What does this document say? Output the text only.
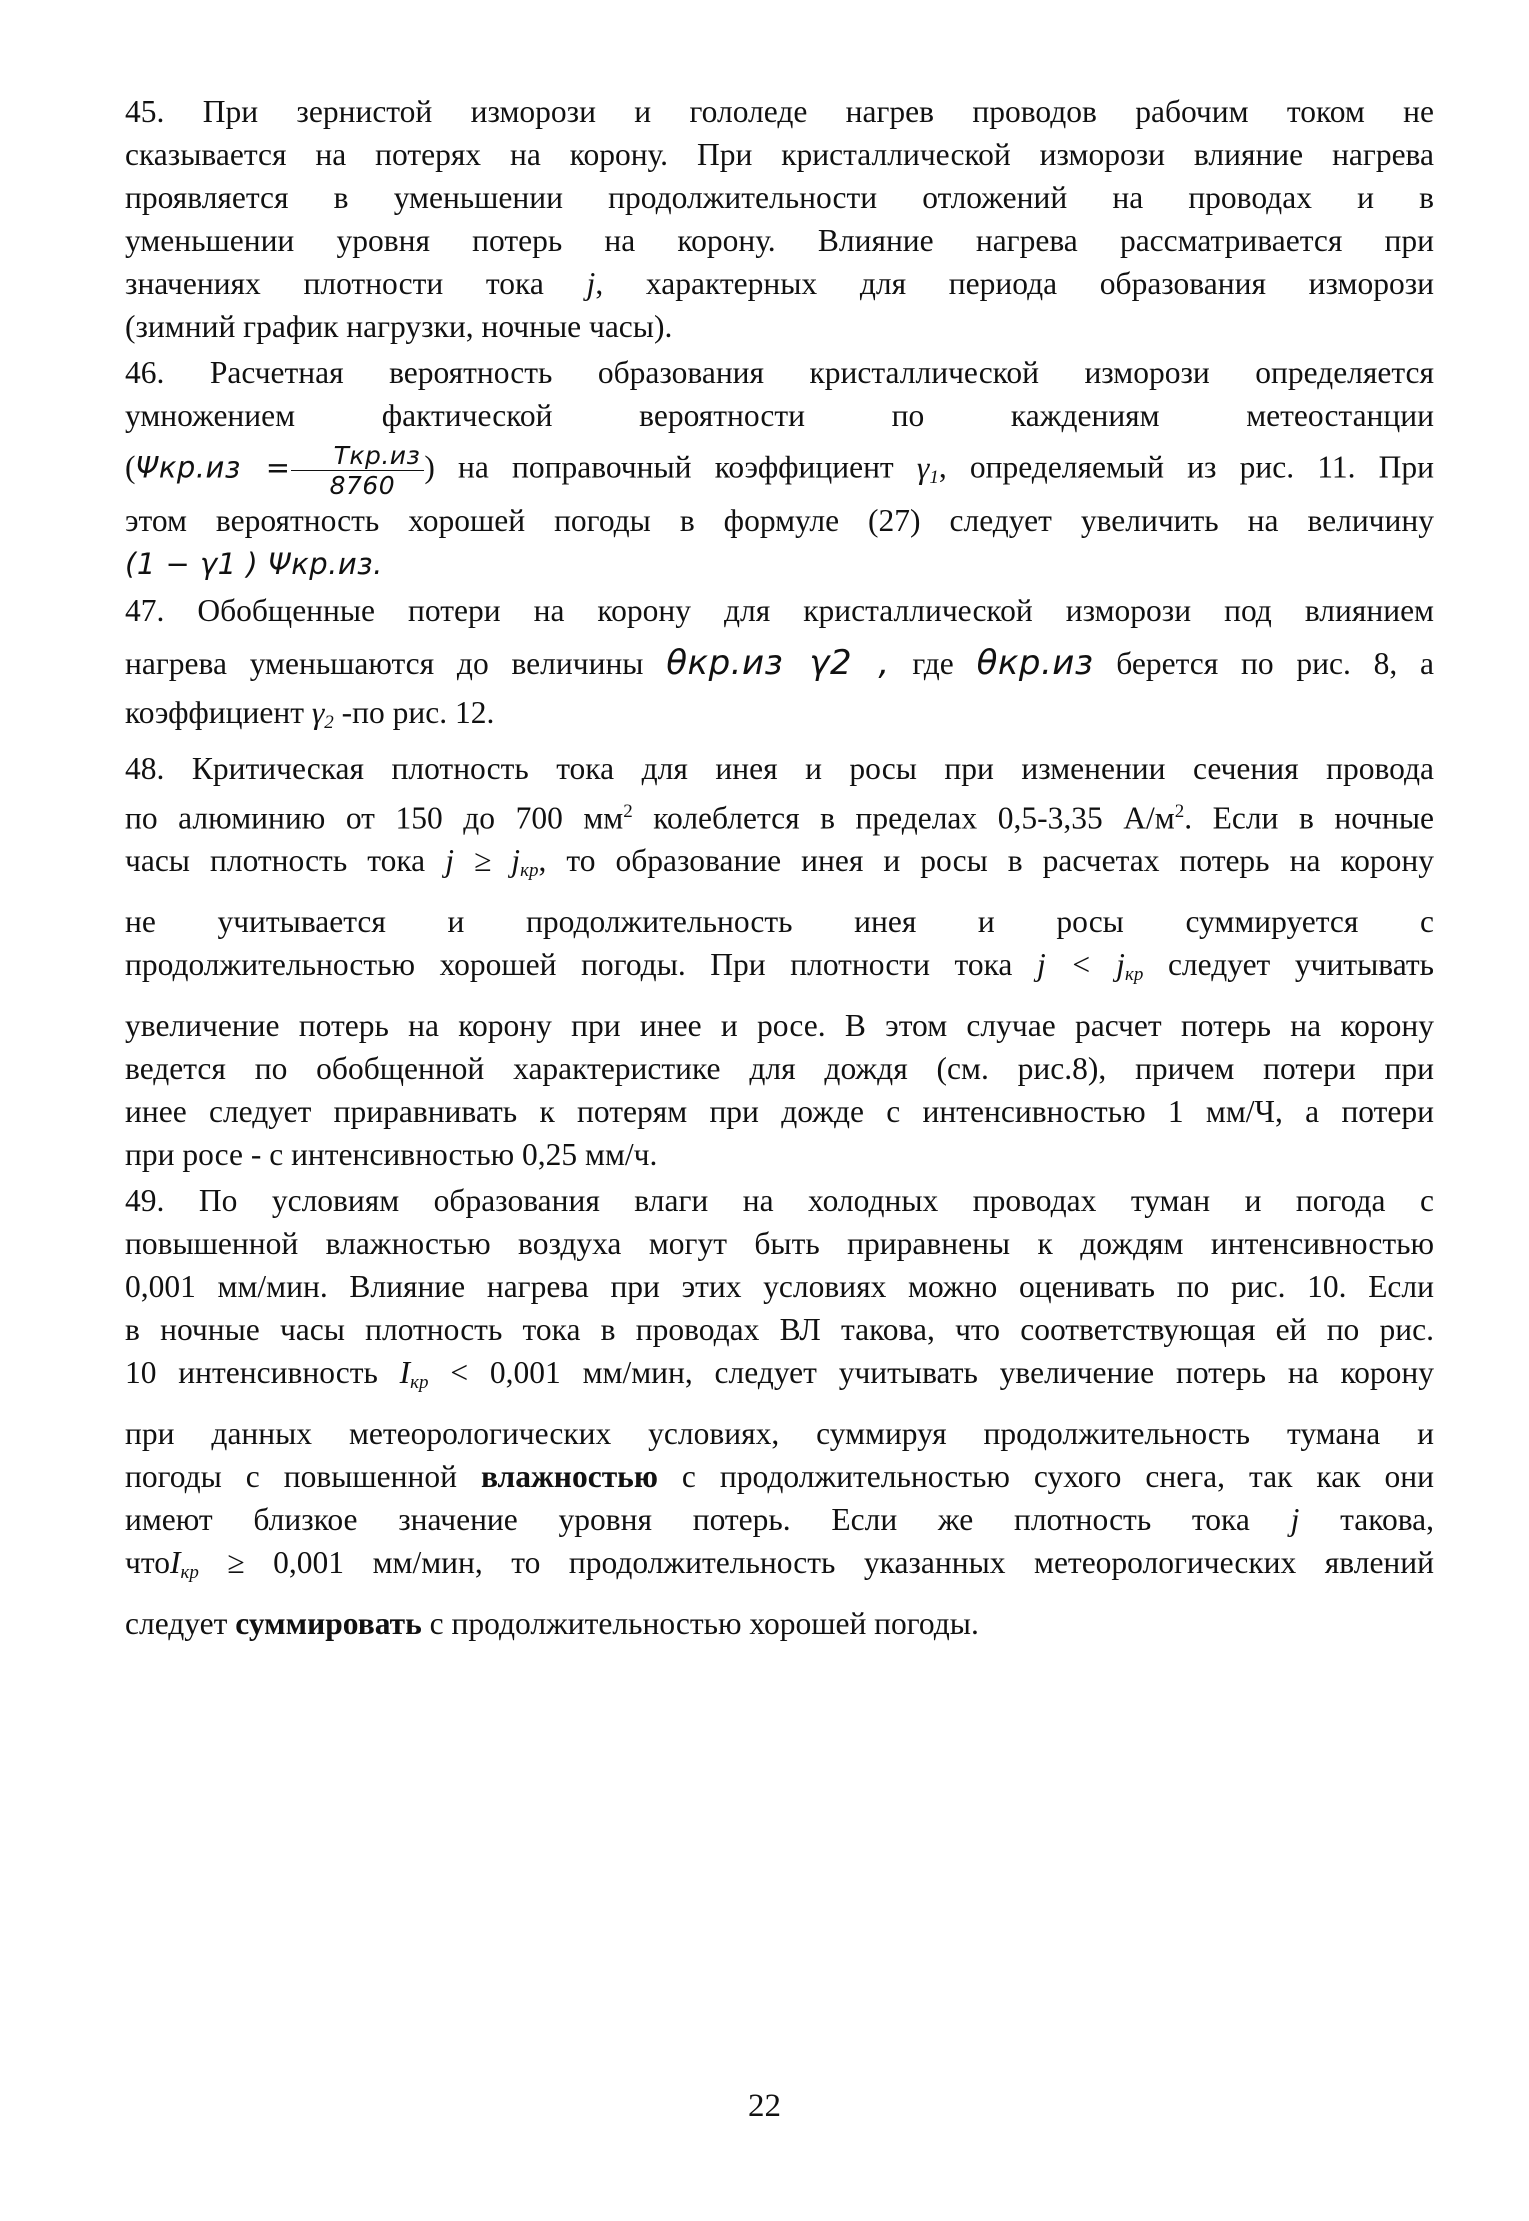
45. При зернистой изморози и гололеде нагрев проводов рабочим током не
сказывается на потерях на корону. При кристаллической изморози влияние нагрева
проявляется в уменьшении продолжительности отложений на проводах и в
уменьшении уровня потерь на корону. Влияние нагрева рассматривается при
значениях плотности тока j, характерных для периода образования изморози
(зимний график нагрузки, ночные часы).

46. Расчетная вероятность образования кристаллической изморози определяется
умножением фактической вероятности по каждениям метеостанции
($\Psi кр.из = \frac{\text{Ткр.из}}{8760}$ ) на поправочный коэффициент $\gamma_1$, определяемый из рис. 11. При
этом вероятность хорошей погоды в формуле (27) следует увеличить на величину
(1 − γ1 ) Ψкр.из.

47. Обобщенные потери на корону для кристаллической изморози под влиянием
нагрева уменьшаются до величины θкр.из γ2 , где θкр.из берется по рис. 8, а
коэффициент $\gamma_2$ -по рис. 12.

48. Критическая плотность тока для инея и росы при изменении сечения провода
по алюминию от 150 до 700 $мм^2$ колеблется в пределах 0,5-3,35 $А/м^2$. Если в ночные
часы плотность тока $j \ge j_{кр}$, то образование инея и росы в расчетах потерь на корону
не учитывается и продолжительность инея и росы суммируется с
продолжительностью хорошей погоды. При плотности тока $j < j_{кр}$ следует учитывать
увеличение потерь на корону при инее и росе. В этом случае расчет потерь на корону
ведется по обобщенной характеристике для дождя (см. рис.8), причем потери при
инее следует приравнивать к потерям при дожде с интенсивностью 1 мм/Ч, а потери
при росе - с интенсивностью 0,25 мм/ч.

49. По условиям образования влаги на холодных проводах туман и погода с
повышенной влажностью воздуха могут быть приравнены к дождям интенсивностью
0,001 мм/мин. Влияние нагрева при этих условиях можно оценивать по рис. 10. Если
в ночные часы плотность тока в проводах ВЛ такова, что соответствующая ей по рис.
10 интенсивность $I_{кр} < 0,001$ мм/мин, следует учитывать увеличение потерь на корону
при данных метеорологических условиях, суммируя продолжительность тумана и
погоды с повышенной влажностью с продолжительностью сухого снега, так как они
имеют близкое значение уровня потерь. Если же плотность тока j такова,
чтоI$_{кр}$ ≥ 0,001 мм/мин, то продолжительность указанных метеорологических явлений
следует суммировать с продолжительностью хорошей погоды.

22
